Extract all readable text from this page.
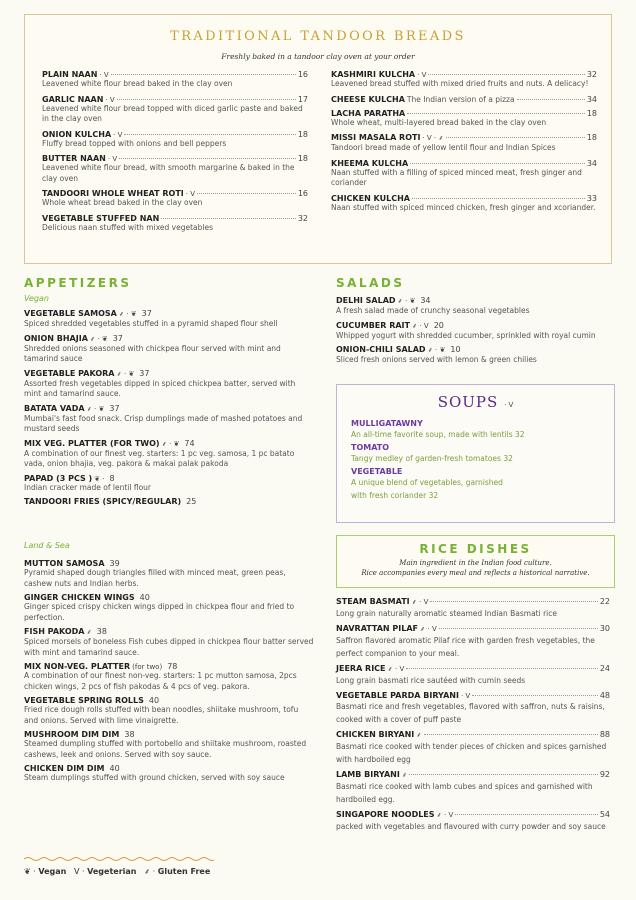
TRADITIONAL TANDOOR BREADS
Freshly baked in a tandoor clay oven at your order
PLAIN NAAN · V	16
Leavened white flour bread baked in the clay oven
GARLIC NAAN · V	17
Leavened white flour bread topped with diced garlic paste and baked in the clay oven
ONION KULCHA · V	18
Fluffy bread topped with onions and bell peppers
BUTTER NAAN · V	18
Leavened white flour bread, with smooth margarine & baked in the clay oven
TANDOORI WHOLE WHEAT ROTI · V	16
Whole wheat bread baked in the clay oven
VEGETABLE STUFFED NAN	32
Delicious naan stuffed with mixed vegetables
KASHMIRI KULCHA · V	32
Leavened bread stuffed with mixed dried fruits and nuts. A delicacy!
CHEESE KULCHA The Indian version of a pizza	34
LACHA PARATHA	18
Whole wheat, multi-layered bread baked in the clay oven
MISSI MASALA ROTI · V · ⸙	18
Tandoori bread made of yellow lentil flour and Indian Spices
KHEEMA KULCHA	34
Naan stuffed with a filling of spiced minced meat, fresh ginger and coriander
CHICKEN KULCHA	33
Naan stuffed with spiced minced chicken, fresh ginger and xcoriander.
APPETIZERS
Vegan
VEGETABLE SAMOSA ⸙ · ❦ 37
Spiced shredded vegetables stuffed in a pyramid shaped flour shell
ONION BHAJIA ⸙ · ❦ 37
Shredded onions seasoned with chickpea flour served with mint and tamarind sauce
VEGETABLE PAKORA ⸙ · ❦ 37
Assorted fresh vegetables dipped in spiced chickpea batter, served with mint and tamarind sauce.
BATATA VADA ⸙ · ❦ 37
Mumbai's fast food snack. Crisp dumplings made of mashed potatoes and mustard seeds
MIX VEG. PLATTER (FOR TWO) ⸙ · ❦ 74
A combination of our finest veg. starters: 1 pc veg. samosa, 1 pc batato vada, onion bhajia, veg. pakora & makai palak pakoda
PAPAD (3 PCS ) ❦ · 8
Indian cracker made of lentil flour
TANDOORI FRIES (SPICY/REGULAR) 25
Land & Sea
MUTTON SAMOSA 39
Pyramid shaped dough triangles filled with minced meat, green peas, cashew nuts and Indian herbs.
GINGER CHICKEN WINGS 40
Ginger spiced crispy chicken wings dipped in chickpea flour and fried to perfection.
FISH PAKODA ⸙ 38
Spiced morsels of boneless Fish cubes dipped in chickpea flour batter served with mint and tamarind sauce.
MIX NON-VEG. PLATTER (for two) 78
A combination of our finest non-veg. starters: 1 pc mutton samosa, 2pcs chicken wings, 2 pcs of fish pakodas & 4 pcs of veg. pakora.
VEGETABLE SPRING ROLLS 40
Fried rice dough rolls stuffed with bean noodles, shiitake mushroom, tofu and onions. Served with lime vinaigrette.
MUSHROOM DIM DIM 38
Steamed dumpling stuffed with portobello and shiitake mushroom, roasted cashews, leek and onions. Served with soy sauce.
CHICKEN DIM DIM 40
Steam dumplings stuffed with ground chicken, served with soy sauce
SALADS
DELHI SALAD ⸙ · ❦ 34
A fresh salad made of crunchy seasonal vegetables
CUCUMBER RAIT ⸙ · V 20
Whipped yogurt with shredded cucumber, sprinkled with royal cumin
ONION-CHILI SALAD ⸙ · ❦ 10
Sliced fresh onions served with lemon & green chilies
SOUPS · V
MULLIGATAWNY
An all-time favorite soup, made with lentils 32
TOMATO
Tangy medley of garden-fresh tomatoes 32
VEGETABLE
A unique blend of vegetables, garnished
with fresh coriander 32
RICE DISHES
Main ingredient in the Indian food culture.
Rice accompanies every meal and reflects a historical narrative.
STEAM BASMATI ⸙ · V	22
Long grain naturally aromatic steamed Indian Basmati rice
NAVRATTAN PILAF ⸙ · V	30
Saffron flavored aromatic Pilaf rice with garden fresh vegetables, the perfect companion to your meal.
JEERA RICE ⸙ · V	24
Long grain basmati rice sautéed with cumin seeds
VEGETABLE PARDA BIRYANI · V	48
Basmati rice and fresh vegetables, flavored with saffron, nuts & raisins, cooked with a cover of puff paste
CHICKEN BIRYANI ⸙	88
Basmati rice cooked with tender pieces of chicken and spices garnished with hardboiled egg
LAMB BIRYANI ⸙	92
Basmati rice cooked with lamb cubes and spices and garnished with hardboiled egg.
SINGAPORE NOODLES ⸙ · V	54
packed with vegetables and flavoured with curry powder and soy sauce
❦ · Vegan V · Vegeterian ⸙ · Gluten Free
